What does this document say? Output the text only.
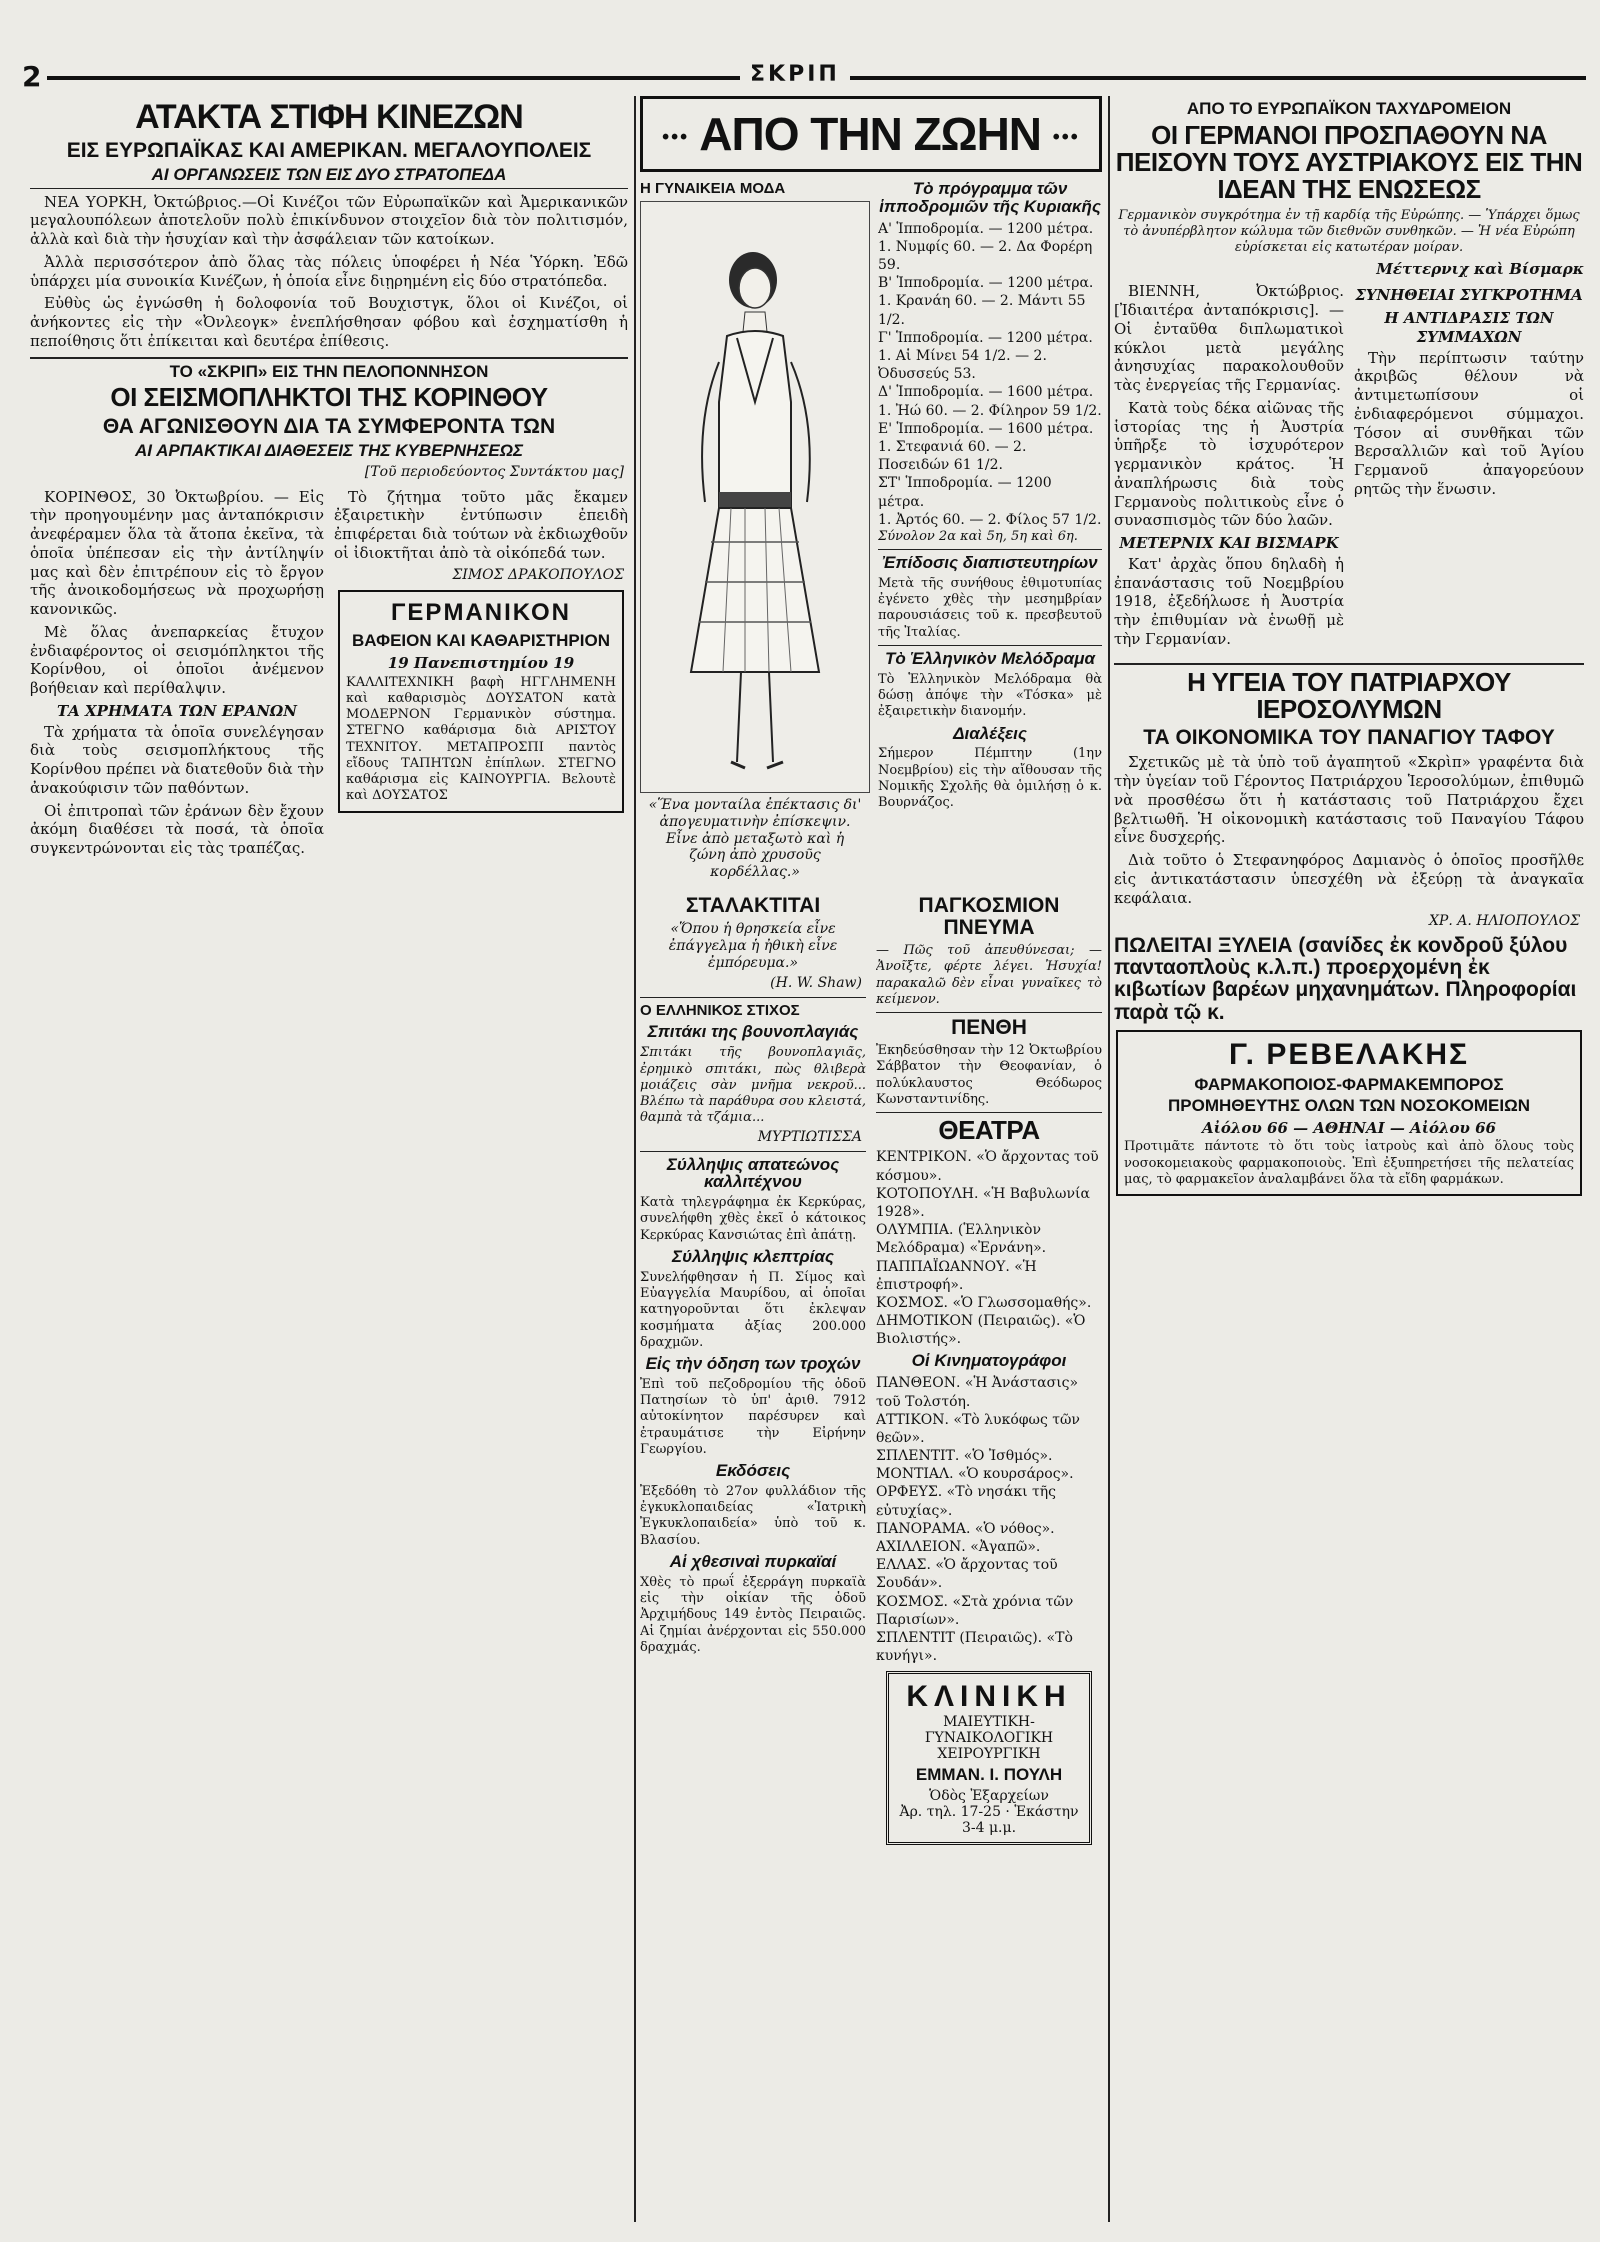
2	ΣΚΡΙΠ
ΑΤΑΚΤΑ ΣΤΙΦΗ ΚΙΝΕΖΩΝ
ΕΙΣ ΕΥΡΩΠΑΪΚΑΣ ΚΑΙ ΑΜΕΡΙΚΑΝ. ΜΕΓΑΛΟΥΠΟΛΕΙΣ
ΑΙ ΟΡΓΑΝΩΣΕΙΣ ΤΩΝ ΕΙΣ ΔΥΟ ΣΤΡΑΤΟΠΕΔΑ

ΝΕΑ ΥΟΡΚΗ, Ὀκτώβριος.—Οἱ Κινέζοι τῶν Εὐρωπαϊκῶν καὶ Ἀμερικανικῶν μεγαλουπόλεων ἀποτελοῦν πολὺ ἐπικίνδυνον στοιχεῖον διὰ τὸν πολιτισμόν, ἀλλὰ καὶ διὰ τὴν ἡσυχίαν καὶ τὴν ἀσφάλειαν τῶν κατοίκων.

Ἀλλὰ περισσότερον ἀπὸ ὅλας τὰς πόλεις ὑποφέρει ἡ Νέα Ὑόρκη. Ἐδῶ ὑπάρχει μία συνοικία Κινέζων, ἡ ὁποία εἶνε διῃρημένη εἰς δύο στρατόπεδα.

Εὐθὺς ὡς ἐγνώσθη ἡ δολοφονία τοῦ Βουχιστγκ, ὅλοι οἱ Κινέζοι, οἱ ἀνήκοντες εἰς τὴν «Ὀνλεογκ» ἐνεπλήσθησαν φόβου καὶ ἐσχηματίσθη ἡ πεποίθησις ὅτι ἐπίκειται καὶ δευτέρα ἐπίθεσις.

ΤΟ «ΣΚΡΙΠ» ΕΙΣ ΤΗΝ ΠΕΛΟΠΟΝΝΗΣΟΝ
ΟΙ ΣΕΙΣΜΟΠΛΗΚΤΟΙ ΤΗΣ ΚΟΡΙΝΘΟΥ
ΘΑ ΑΓΩΝΙΣΘΟΥΝ ΔΙΑ ΤΑ ΣΥΜΦΕΡΟΝΤΑ ΤΩΝ
ΑΙ ΑΡΠΑΚΤΙΚΑΙ ΔΙΑΘΕΣΕΙΣ ΤΗΣ ΚΥΒΕΡΝΗΣΕΩΣ
[Τοῦ περιοδεύοντος Συντάκτου μας]

ΚΟΡΙΝΘΟΣ, 30 Ὀκτωβρίου. — Εἰς τὴν προηγουμένην μας ἀνταπόκρισιν ἀνεφέραμεν ὅλα τὰ ἄτοπα ἐκεῖνα, τὰ ὁποῖα ὑπέπεσαν εἰς τὴν ἀντίληψίν μας καὶ δὲν ἐπιτρέπουν εἰς τὸ ἔργον τῆς ἀνοικοδομήσεως νὰ προχωρήσῃ κανονικῶς.

Μὲ ὅλας ἀνεπαρκείας ἔτυχον ἐνδιαφέροντος οἱ σεισμόπληκτοι τῆς Κορίνθου, οἱ ὁποῖοι ἀνέμενον βοήθειαν καὶ περίθαλψιν.

ΤΑ ΧΡΗΜΑΤΑ ΤΩΝ ΕΡΑΝΩΝ

Τὰ χρήματα τὰ ὁποῖα συνελέγησαν διὰ τοὺς σεισμοπλήκτους τῆς Κορίνθου πρέπει νὰ διατεθοῦν διὰ τὴν ἀνακούφισιν τῶν παθόντων.

Οἱ ἐπιτροπαὶ τῶν ἐράνων δὲν ἔχουν ἀκόμη διαθέσει τὰ ποσά, τὰ ὁποῖα συγκεντρώνονται εἰς τὰς τραπέζας.

Τὸ ζήτημα τοῦτο μᾶς ἔκαμεν ἐξαιρετικὴν ἐντύπωσιν ἐπειδὴ ἐπιφέρεται διὰ τούτων νὰ ἐκδιωχθοῦν οἱ ἰδιοκτῆται ἀπὸ τὰ οἰκόπεδά των.

ΣΙΜΟΣ ΔΡΑΚΟΠΟΥΛΟΣ
ΓΕΡΜΑΝΙΚΟΝ
ΒΑΦΕΙΟΝ ΚΑΙ ΚΑΘΑΡΙΣΤΗΡΙΟΝ
19 Πανεπιστημίου 19
ΚΑΛΛΙΤΕΧΝΙΚΗ βαφὴ ΗΓΓΛΗΜΕΝΗ καὶ καθαρισμὸς ΔΟΥΣΑΤΟΝ κατὰ ΜΟΔΕΡΝΟΝ Γερμανικὸν σύστημα. ΣΤΕΓΝΟ καθάρισμα διὰ ΑΡΙΣΤΟΥ ΤΕΧΝΙΤΟΥ. ΜΕΤΑΠΡΟΣΠΙ παντὸς εἴδους ΤΑΠΗΤΩΝ ἐπίπλων. ΣΤΕΓΝΟ καθάρισμα εἰς ΚΑΙΝΟΥΡΓΙΑ. Βελουτὲ καὶ ΔΟΥΣΑΤΟΣ
••• ΑΠΟ ΤΗΝ ΖΩΗΝ •••
Η ΓΥΝΑΙΚΕΙΑ ΜΟΔΑ
«Ἕνα μονταίλα ἐπέκτασις δι' ἀπογευματινὴν ἐπίσκεψιν. Εἶνε ἀπὸ μεταξωτὸ καὶ ἡ ζώνη ἀπὸ χρυσοῦς κορδέλλας.»
Τὸ πρόγραμμα τῶν ἱπποδρομιῶν τῆς Κυριακῆς
Α' Ἱπποδρομία. — 1200 μέτρα.
1. Νυμφίς 60. — 2. Δα Φορέρη 59.
Β' Ἱπποδρομία. — 1200 μέτρα.
1. Κρανάη 60. — 2. Μάντι 55 1/2.
Γ' Ἱπποδρομία. — 1200 μέτρα.
1. Αἱ Μίνει 54 1/2. — 2. Ὀδυσσεύς 53.
Δ' Ἱπποδρομία. — 1600 μέτρα.
1. Ἠώ 60. — 2. Φίληρον 59 1/2.
Ε' Ἱπποδρομία. — 1600 μέτρα.
1. Στεφανιά 60. — 2. Ποσειδών 61 1/2.
ΣΤ' Ἱπποδρομία. — 1200 μέτρα.
1. Ἀρτός 60. — 2. Φίλος 57 1/2.
Σύνολον 2α καὶ 5η, 5η καὶ 6η.
Ἐπίδοσις διαπιστευτηρίων
Μετὰ τῆς συνήθους ἐθιμοτυπίας ἐγένετο χθὲς τὴν μεσημβρίαν παρουσιάσεις τοῦ κ. πρεσβευτοῦ τῆς Ἰταλίας.
Τὸ Ἑλληνικὸν Μελόδραμα
Τὸ Ἑλληνικὸν Μελόδραμα θὰ δώσῃ ἀπόψε τὴν «Τόσκα» μὲ ἐξαιρετικὴν διανομήν.
Διαλέξεις
Σήμερον Πέμπτην (1ην Νοεμβρίου) εἰς τὴν αἴθουσαν τῆς Νομικῆς Σχολῆς θὰ ὁμιλήσῃ ὁ κ. Βουρνάζος.
ΣΤΑΛΑΚΤΙΤΑΙ
«Ὅπου ἡ θρησκεία εἶνε ἐπάγγελμα ἡ ἠθικὴ εἶνε ἐμπόρευμα.»
(H. W. Shaw)
Ο ΕΛΛΗΝΙΚΟΣ ΣΤΙΧΟΣ
Σπιτάκι της βουνοπλαγιάς
Σπιτάκι τῆς βουνοπλαγιᾶς, ἐρημικὸ σπιτάκι, πὼς θλιβερὰ μοιάζεις σὰν μνῆμα νεκροῦ... Βλέπω τὰ παράθυρα σου κλειστά, θαμπὰ τὰ τζάμια...
ΜΥΡΤΙΩΤΙΣΣΑ
Σύλληψις απατεώνος καλλιτέχνου
Κατὰ τηλεγράφημα ἐκ Κερκύρας, συνελήφθη χθὲς ἐκεῖ ὁ κάτοικος Κερκύρας Κανσιώτας ἐπὶ ἀπάτῃ.
Σύλληψις κλεπτρίας
Συνελήφθησαν ἡ Π. Σίμος καὶ Εὐαγγελία Μαυρίδου, αἱ ὁποῖαι κατηγοροῦνται ὅτι ἐκλεψαν κοσμήματα ἀξίας 200.000 δραχμῶν.
Εἰς τὴν όδηση των τροχών
Ἐπὶ τοῦ πεζοδρομίου τῆς ὁδοῦ Πατησίων τὸ ὑπ' ἀριθ. 7912 αὐτοκίνητον παρέσυρεν καὶ ἐτραυμάτισε τὴν Εἰρήνην Γεωργίου.
Εκδόσεις
Ἐξεδόθη τὸ 27ον φυλλάδιον τῆς ἐγκυκλοπαιδείας «Ἰατρικὴ Ἐγκυκλοπαιδεία» ὑπὸ τοῦ κ. Βλασίου.
Αἱ χθεσιναὶ πυρκαϊαί
Χθὲς τὸ πρωΐ ἐξερράγη πυρκαϊὰ εἰς τὴν οἰκίαν τῆς ὁδοῦ Ἀρχιμήδους 149 ἐντὸς Πειραιῶς. Αἱ ζημίαι ἀνέρχονται εἰς 550.000 δραχμάς.
ΠΑΓΚΟΣΜΙΟΝ ΠΝΕΥΜΑ
— Πῶς τοῦ ἀπευθύνεσαι; — Ἀνοῖξτε, φέρτε λέγει. Ἠσυχία! παρακαλῶ δὲν εἶναι γυναῖκες τὸ κείμενον.
ΠΕΝΘΗ
Ἐκηδεύσθησαν τὴν 12 Ὀκτωβρίου Σάββατον τὴν Θεοφανίαν, ὁ πολύκλαυστος Θεόδωρος Κωνσταντινίδης.
ΘΕΑΤΡΑ
ΚΕΝΤΡΙΚΟΝ. «Ὁ ἄρχοντας τοῦ κόσμου».
ΚΟΤΟΠΟΥΛΗ. «Ἡ Βαβυλωνία 1928».
ΟΛΥΜΠΙΑ. (Ἑλληνικὸν Μελόδραμα) «Ἐρνάνη».
ΠΑΠΠΑΪΩΑΝΝΟΥ. «Ἡ ἐπιστροφή».
ΚΟΣΜΟΣ. «Ὁ Γλωσσομαθής».
ΔΗΜΟΤΙΚΟΝ (Πειραιῶς). «Ὁ Βιολιστής».
Οἱ Κινηματογράφοι
ΠΑΝΘΕΟΝ. «Ἡ Ἀνάστασις» τοῦ Τολστόη.
ΑΤΤΙΚΟΝ. «Τὸ λυκόφως τῶν θεῶν».
ΣΠΛΕΝΤΙΤ. «Ὁ Ἰσθμός».
ΜΟΝΤΙΑΛ. «Ὁ κουρσάρος».
ΟΡΦΕΥΣ. «Τὸ νησάκι τῆς εὐτυχίας».
ΠΑΝΟΡΑΜΑ. «Ὁ νόθος».
ΑΧΙΛΛΕΙΟΝ. «Ἀγαπῶ».
ΕΛΛΑΣ. «Ὁ ἄρχοντας τοῦ Σουδάν».
ΚΟΣΜΟΣ. «Στὰ χρόνια τῶν Παρισίων».
ΣΠΛΕΝΤΙΤ (Πειραιῶς). «Τὸ κυνήγι».
ΚΛΙΝΙΚΗ
ΜΑΙΕΥΤΙΚΗ-ΓΥΝΑΙΚΟΛΟΓΙΚΗ ΧΕΙΡΟΥΡΓΙΚΗ
ΕΜΜΑΝ. Ι. ΠΟΥΛΗ
Ὁδὸς Ἐξαρχείων
Ἀρ. τηλ. 17-25 · Ἑκάστην 3-4 μ.μ.
ΑΠΟ ΤΟ ΕΥΡΩΠΑΪΚΟΝ ΤΑΧΥΔΡΟΜΕΙΟΝ
ΟΙ ΓΕΡΜΑΝΟΙ ΠΡΟΣΠΑΘΟΥΝ ΝΑ ΠΕΙΣΟΥΝ ΤΟΥΣ ΑΥΣΤΡΙΑΚΟΥΣ ΕΙΣ ΤΗΝ ΙΔΕΑΝ ΤΗΣ ΕΝΩΣΕΩΣ
Γερμανικὸν συγκρότημα ἐν τῇ καρδίᾳ τῆς Εὐρώπης. — Ὑπάρχει ὅμως τὸ ἀνυπέρβλητον κώλυμα τῶν διεθνῶν συνθηκῶν. — Ἡ νέα Εὐρώπη εὑρίσκεται εἰς κατωτέραν μοίραν.
Μέττερνιχ καὶ Βίσμαρκ

ΒΙΕΝΝΗ, Ὀκτώβριος. [Ἰδιαιτέρα ἀνταπόκρισις]. — Οἱ ἐνταῦθα διπλωματικοὶ κύκλοι μετὰ μεγάλης ἀνησυχίας παρακολουθοῦν τὰς ἐνεργείας τῆς Γερμανίας.

Κατὰ τοὺς δέκα αἰῶνας τῆς ἱστορίας της ἡ Ἀυστρία ὑπῆρξε τὸ ἰσχυρότερον γερμανικὸν κράτος. Ἡ ἀναπλήρωσις διὰ τοὺς Γερμανοὺς πολιτικοὺς εἶνε ὁ συνασπισμὸς τῶν δύο λαῶν.

ΜΕΤΕΡΝΙΧ ΚΑΙ ΒΙΣΜΑΡΚ

Κατ' ἀρχὰς ὅπου δηλαδὴ ἡ ἐπανάστασις τοῦ Νοεμβρίου 1918, ἐξεδήλωσε ἡ Ἀυστρία τὴν ἐπιθυμίαν νὰ ἑνωθῇ μὲ τὴν Γερμανίαν.

ΣΥΝΗΘΕΙΑΙ ΣΥΓΚΡΟΤΗΜΑ
Η ΑΝΤΙΔΡΑΣΙΣ ΤΩΝ ΣΥΜΜΑΧΩΝ

Τὴν περίπτωσιν ταύτην ἀκριβῶς θέλουν νὰ ἀντιμετωπίσουν οἱ ἐνδιαφερόμενοι σύμμαχοι. Τόσον αἱ συνθῆκαι τῶν Βερσαλλιῶν καὶ τοῦ Ἁγίου Γερμανοῦ ἀπαγορεύουν ρητῶς τὴν ἕνωσιν.

Η ΥΓΕΙΑ ΤΟΥ ΠΑΤΡΙΑΡΧΟΥ ΙΕΡΟΣΟΛΥΜΩΝ
ΤΑ ΟΙΚΟΝΟΜΙΚΑ ΤΟΥ ΠΑΝΑΓΙΟΥ ΤΑΦΟΥ

Σχετικῶς μὲ τὰ ὑπὸ τοῦ ἀγαπητοῦ «Σκρὶπ» γραφέντα διὰ τὴν ὑγείαν τοῦ Γέροντος Πατριάρχου Ἱεροσολύμων, ἐπιθυμῶ νὰ προσθέσω ὅτι ἡ κατάστασις τοῦ Πατριάρχου ἔχει βελτιωθῆ. Ἡ οἰκονομικὴ κατάστασις τοῦ Παναγίου Τάφου εἶνε δυσχερής.

Διὰ τοῦτο ὁ Στεφανηφόρος Δαμιανὸς ὁ ὁποῖος προσῆλθε εἰς ἀντικατάστασιν ὑπεσχέθη νὰ ἐξεύρῃ τὰ ἀναγκαῖα κεφάλαια.

ΧΡ. Α. ΗΛΙΟΠΟΥΛΟΣ
ΠΩΛΕΙΤΑΙ ΞΥΛΕΙΑ (σανίδες ἐκ κονδροῦ ξύλου πανταοπλοὺς κ.λ.π.) προερχομένη ἐκ κιβωτίων βαρέων μηχανημάτων. Πληροφορίαι παρὰ τῷ κ.
Γ. ΡΕΒΕΛΑΚΗΣ
ΦΑΡΜΑΚΟΠΟΙΟΣ-ΦΑΡΜΑΚΕΜΠΟΡΟΣ
ΠΡΟΜΗΘΕΥΤΗΣ ΟΛΩΝ ΤΩΝ ΝΟΣΟΚΟΜΕΙΩΝ
Αἰόλου 66 — ΑΘΗΝΑΙ — Αἰόλου 66
Προτιμᾶτε πάντοτε τὸ ὅτι τοὺς ἰατροὺς καὶ ἀπὸ ὅλους τοὺς νοσοκομειακοὺς φαρμακοποιοὺς. Ἐπὶ ἐξυπηρετήσει τῆς πελατείας μας, τὸ φαρμακεῖον ἀναλαμβάνει ὅλα τὰ εἴδη φαρμάκων.
